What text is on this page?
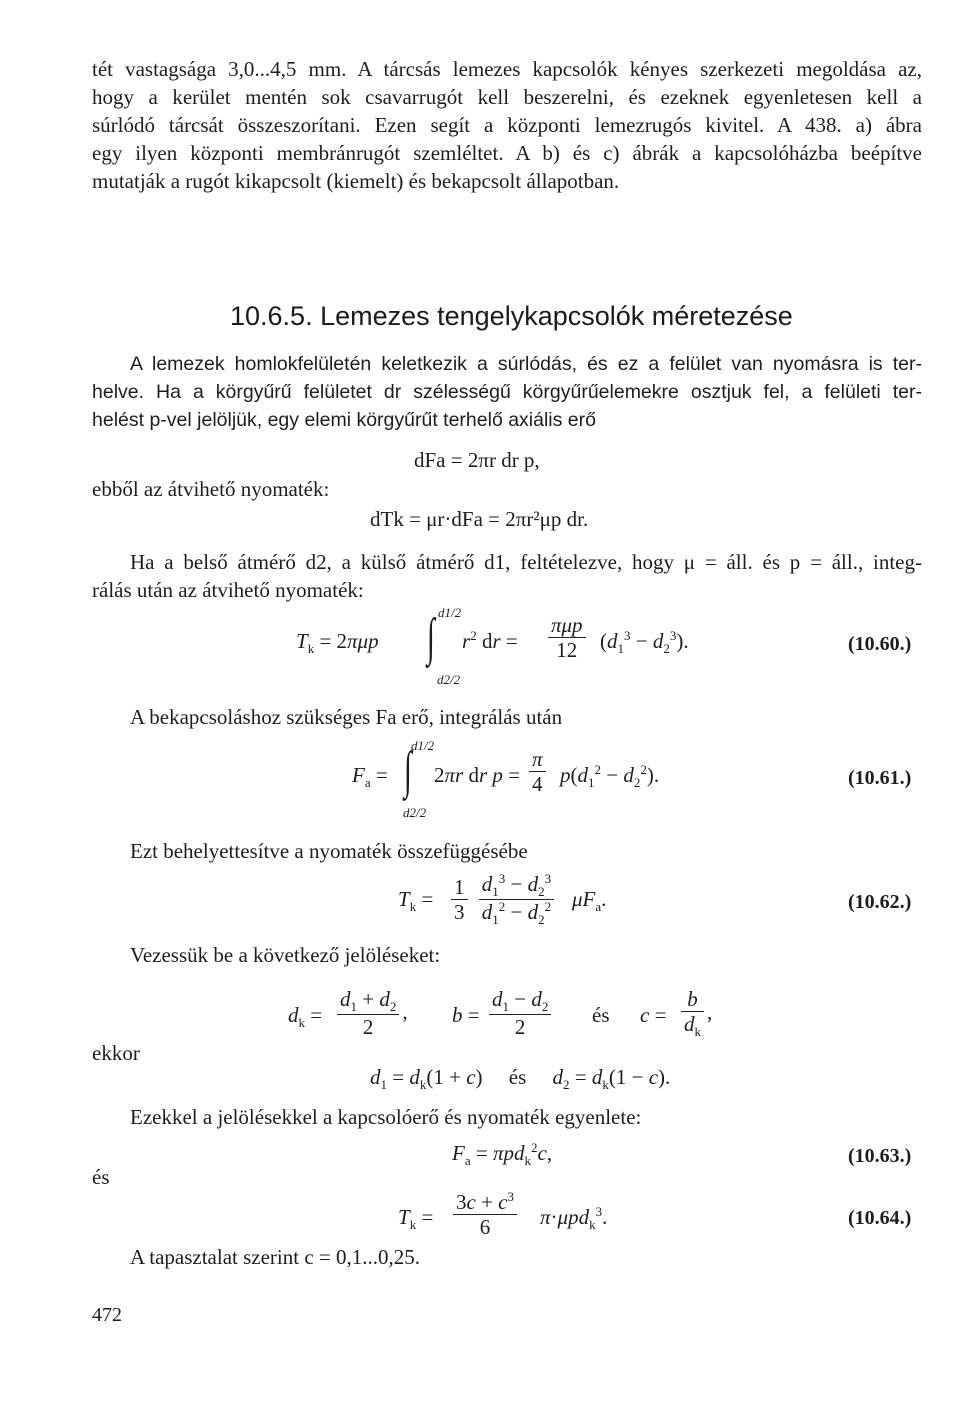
tét vastagsága 3,0...4,5 mm. A tárcsás lemezes kapcsolók kényes szerkezeti megoldása az,
hogy a kerület mentén sok csavarrugót kell beszerelni, és ezeknek egyenletesen kell a
súrlódó tárcsát összeszorítani. Ezen segít a központi lemezrugós kivitel. A 438. a) ábra
egy ilyen központi membránrugót szemléltet. A b) és c) ábrák a kapcsolóházba beépítve
mutatják a rugót kikapcsolt (kiemelt) és bekapcsolt állapotban.
10.6.5. Lemezes tengelykapcsolók méretezése
A lemezek homlokfelületén keletkezik a súrlódás, és ez a felület van nyomásra is ter-
helve. Ha a körgyűrű felületet dr szélességű körgyűrűelemekre osztjuk fel, a felületi ter-
helést p-vel jelöljük, egy elemi körgyűrűt terhelő axiális erő
dFa = 2πr dr p,
ebből az átvihető nyomaték:
dTk = μr·dFa = 2πr²μp dr.
Ha a belső átmérő d2, a külső átmérő d1, feltételezve, hogy μ = áll. és p = áll., integ-
rálás után az átvihető nyomaték:
$T_k = 2\pi\mu p$ ∫ d1/2
d2/2
$r^2$ dr = $\frac{\text{πμp}}{12} (d_1^3 - d_2^3)$.	(10.60.)
A bekapcsoláshoz szükséges Fa erő, integrálás után
$F_a$ = ∫ d1/2
d2/2
2πr dr $p = \frac{\pi}{4} p(d_1^2 - d_2^2)$.	(10.61.)
Ezt behelyettesítve a nyomaték összefüggésébe
$T_k = \frac{1}{3}$
$\frac{d_1^3 - d_2^3}{d_1^2 - d_2^2} \mu F_a$.	(10.62.)
Vezessük be a következő jelöléseket:
$d_k = \frac{d_1 + d_2}{2}$ , $b = \frac{d_1 - d_2}{2}$ és $c = \frac{b}{d_k}$ ,
ekkor
$d_1 = d_k(1 + c)$     és     $d_2 = d_k(1 - c)$.
Ezekkel a jelölésekkel a kapcsolóerő és nyomaték egyenlete:
$F_a = \pi pd_k^2c$,	(10.63.)
és
$T_k = \frac{3c + c^3}{6} \pi\cdot\mu pd_k^3$.	(10.64.)
A tapasztalat szerint c = 0,1...0,25.
472
